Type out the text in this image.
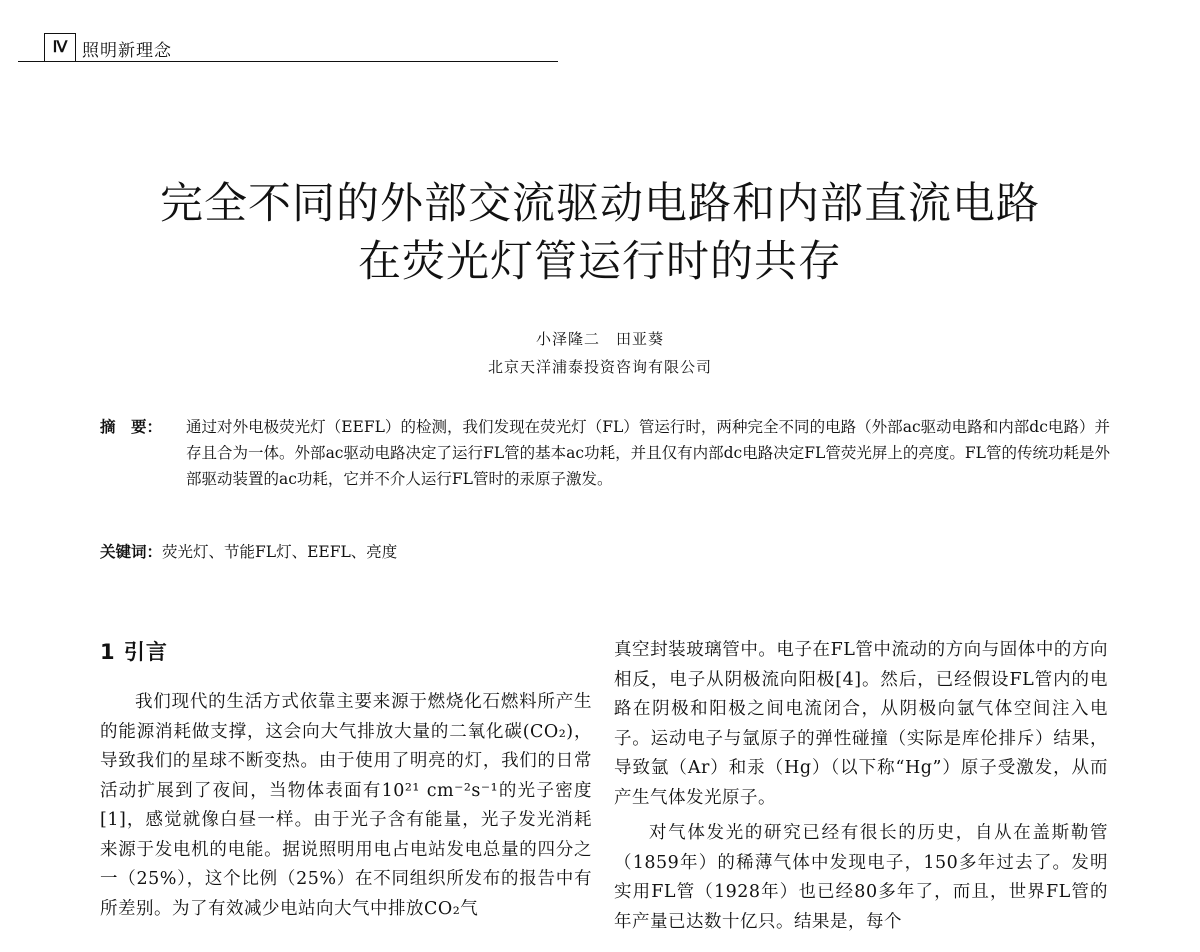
Ⅳ 照明新理念
完全不同的外部交流驱动电路和内部直流电路
在荧光灯管运行时的共存
小泽隆二　田亚葵
北京天洋浦泰投资咨询有限公司
摘　要：	通过对外电极荧光灯（EEFL）的检测，我们发现在荧光灯（FL）管运行时，两种完全不同的电路（外部ac驱动电路和内部dc电路）并存且合为一体。外部ac驱动电路决定了运行FL管的基本ac功耗，并且仅有内部dc电路决定FL管荧光屏上的亮度。FL管的传统功耗是外部驱动装置的ac功耗，它并不介人运行FL管时的汞原子激发。
关键词：荧光灯、节能FL灯、EEFL、亮度
1 引言

我们现代的生活方式依靠主要来源于燃烧化石燃料所产生的能源消耗做支撑，这会向大气排放大量的二氧化碳(CO₂)，导致我们的星球不断变热。由于使用了明亮的灯，我们的日常活动扩展到了夜间，当物体表面有10²¹ cm⁻²s⁻¹的光子密度[1]，感觉就像白昼一样。由于光子含有能量，光子发光消耗来源于发电机的电能。据说照明用电占电站发电总量的四分之一（25%），这个比例（25%）在不同组织所发布的报告中有所差别。为了有效减少电站向大气中排放CO₂气

真空封装玻璃管中。电子在FL管中流动的方向与固体中的方向相反，电子从阴极流向阳极[4]。然后，已经假设FL管内的电路在阴极和阳极之间电流闭合，从阴极向氩气体空间注入电子。运动电子与氩原子的弹性碰撞（实际是库伦排斥）结果，导致氩（Ar）和汞（Hg）（以下称“Hg”）原子受激发，从而产生气体发光原子。

对气体发光的研究已经有很长的历史，自从在盖斯勒管（1859年）的稀薄气体中发现电子，150多年过去了。发明实用FL管（1928年）也已经80多年了，而且，世界FL管的年产量已达数十亿只。结果是，每个
